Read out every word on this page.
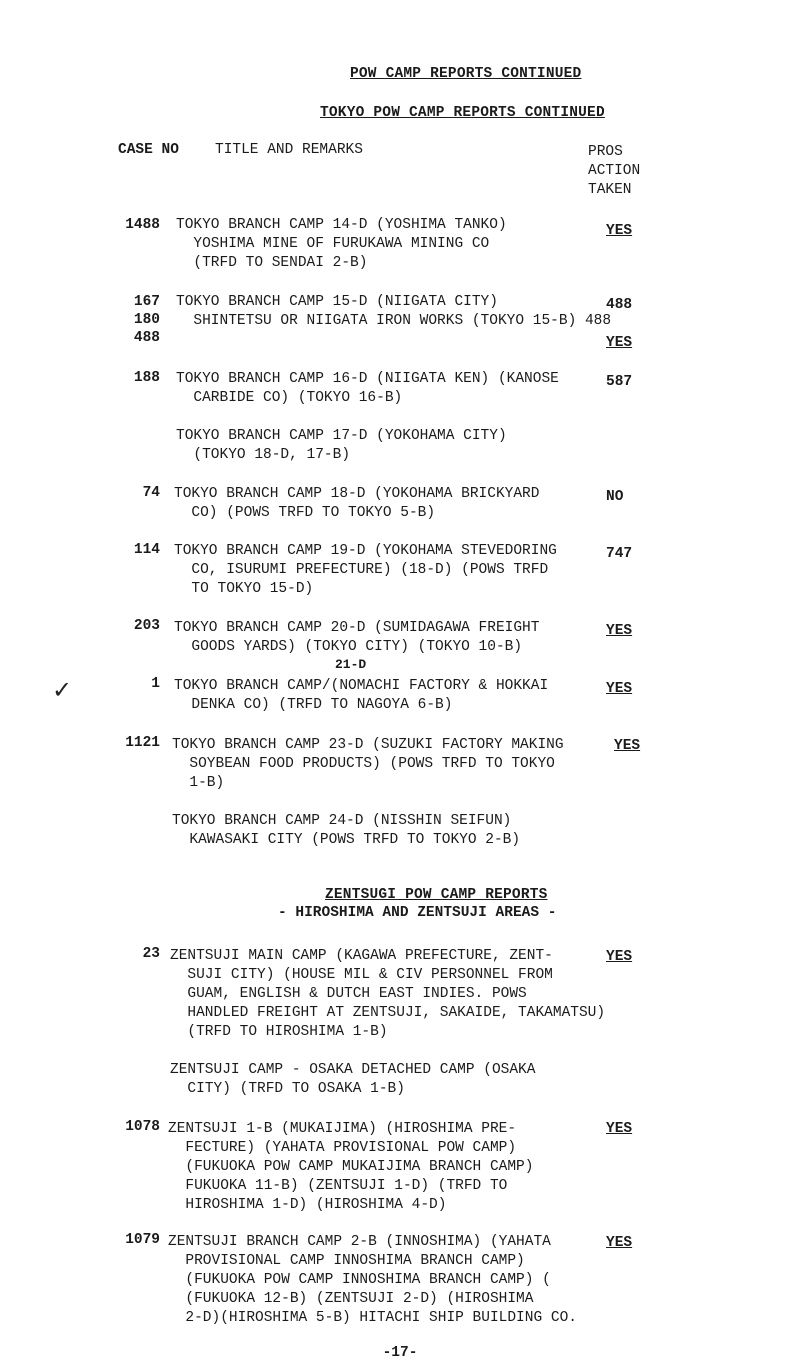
POW CAMP REPORTS CONTINUED
TOKYO POW CAMP REPORTS CONTINUED
CASE NO TITLE AND REMARKS	PROS
ACTION
TAKEN
1488 TOKYO BRANCH CAMP 14-D (YOSHIMA TANKO)
YOSHIMA MINE OF FURUKAWA MINING CO
(TRFD TO SENDAI 2-B)
YES
167
180
488
TOKYO BRANCH CAMP 15-D (NIIGATA CITY)
SHINTETSU OR NIIGATA IRON WORKS (TOKYO 15-B) 488
488
YES
188 TOKYO BRANCH CAMP 16-D (NIIGATA KEN) (KANOSE
CARBIDE CO) (TOKYO 16-B)
587
TOKYO BRANCH CAMP 17-D (YOKOHAMA CITY)
(TOKYO 18-D, 17-B)
74 TOKYO BRANCH CAMP 18-D (YOKOHAMA BRICKYARD
CO) (POWS TRFD TO TOKYO 5-B)
NO
114 TOKYO BRANCH CAMP 19-D (YOKOHAMA STEVEDORING
CO, ISURUMI PREFECTURE) (18-D) (POWS TRFD
TO TOKYO 15-D)
747
203 TOKYO BRANCH CAMP 20-D (SUMIDAGAWA FREIGHT
GOODS YARDS) (TOKYO CITY) (TOKYO 10-B)
YES
21-D
✓	1 TOKYO BRANCH CAMP/(NOMACHI FACTORY & HOKKAI
DENKA CO) (TRFD TO NAGOYA 6-B)
YES
1121 TOKYO BRANCH CAMP 23-D (SUZUKI FACTORY MAKING
SOYBEAN FOOD PRODUCTS) (POWS TRFD TO TOKYO
1-B)
YES
TOKYO BRANCH CAMP 24-D (NISSHIN SEIFUN)
KAWASAKI CITY (POWS TRFD TO TOKYO 2-B)
ZENTSUGI POW CAMP REPORTS
- HIROSHIMA AND ZENTSUJI AREAS -
23 ZENTSUJI MAIN CAMP (KAGAWA PREFECTURE, ZENT-
SUJI CITY) (HOUSE MIL & CIV PERSONNEL FROM
GUAM, ENGLISH & DUTCH EAST INDIES. POWS
HANDLED FREIGHT AT ZENTSUJI, SAKAIDE, TAKAMATSU)
(TRFD TO HIROSHIMA 1-B)
YES
ZENTSUJI CAMP - OSAKA DETACHED CAMP (OSAKA
CITY) (TRFD TO OSAKA 1-B)
1078 ZENTSUJI 1-B (MUKAIJIMA) (HIROSHIMA PRE-
FECTURE) (YAHATA PROVISIONAL POW CAMP)
(FUKUOKA POW CAMP MUKAIJIMA BRANCH CAMP)
FUKUOKA 11-B) (ZENTSUJI 1-D) (TRFD TO
HIROSHIMA 1-D) (HIROSHIMA 4-D)
YES
1079 ZENTSUJI BRANCH CAMP 2-B (INNOSHIMA) (YAHATA
PROVISIONAL CAMP INNOSHIMA BRANCH CAMP)
(FUKUOKA POW CAMP INNOSHIMA BRANCH CAMP) (
(FUKUOKA 12-B) (ZENTSUJI 2-D) (HIROSHIMA
2-D)(HIROSHIMA 5-B) HITACHI SHIP BUILDING CO.
YES
-17-
